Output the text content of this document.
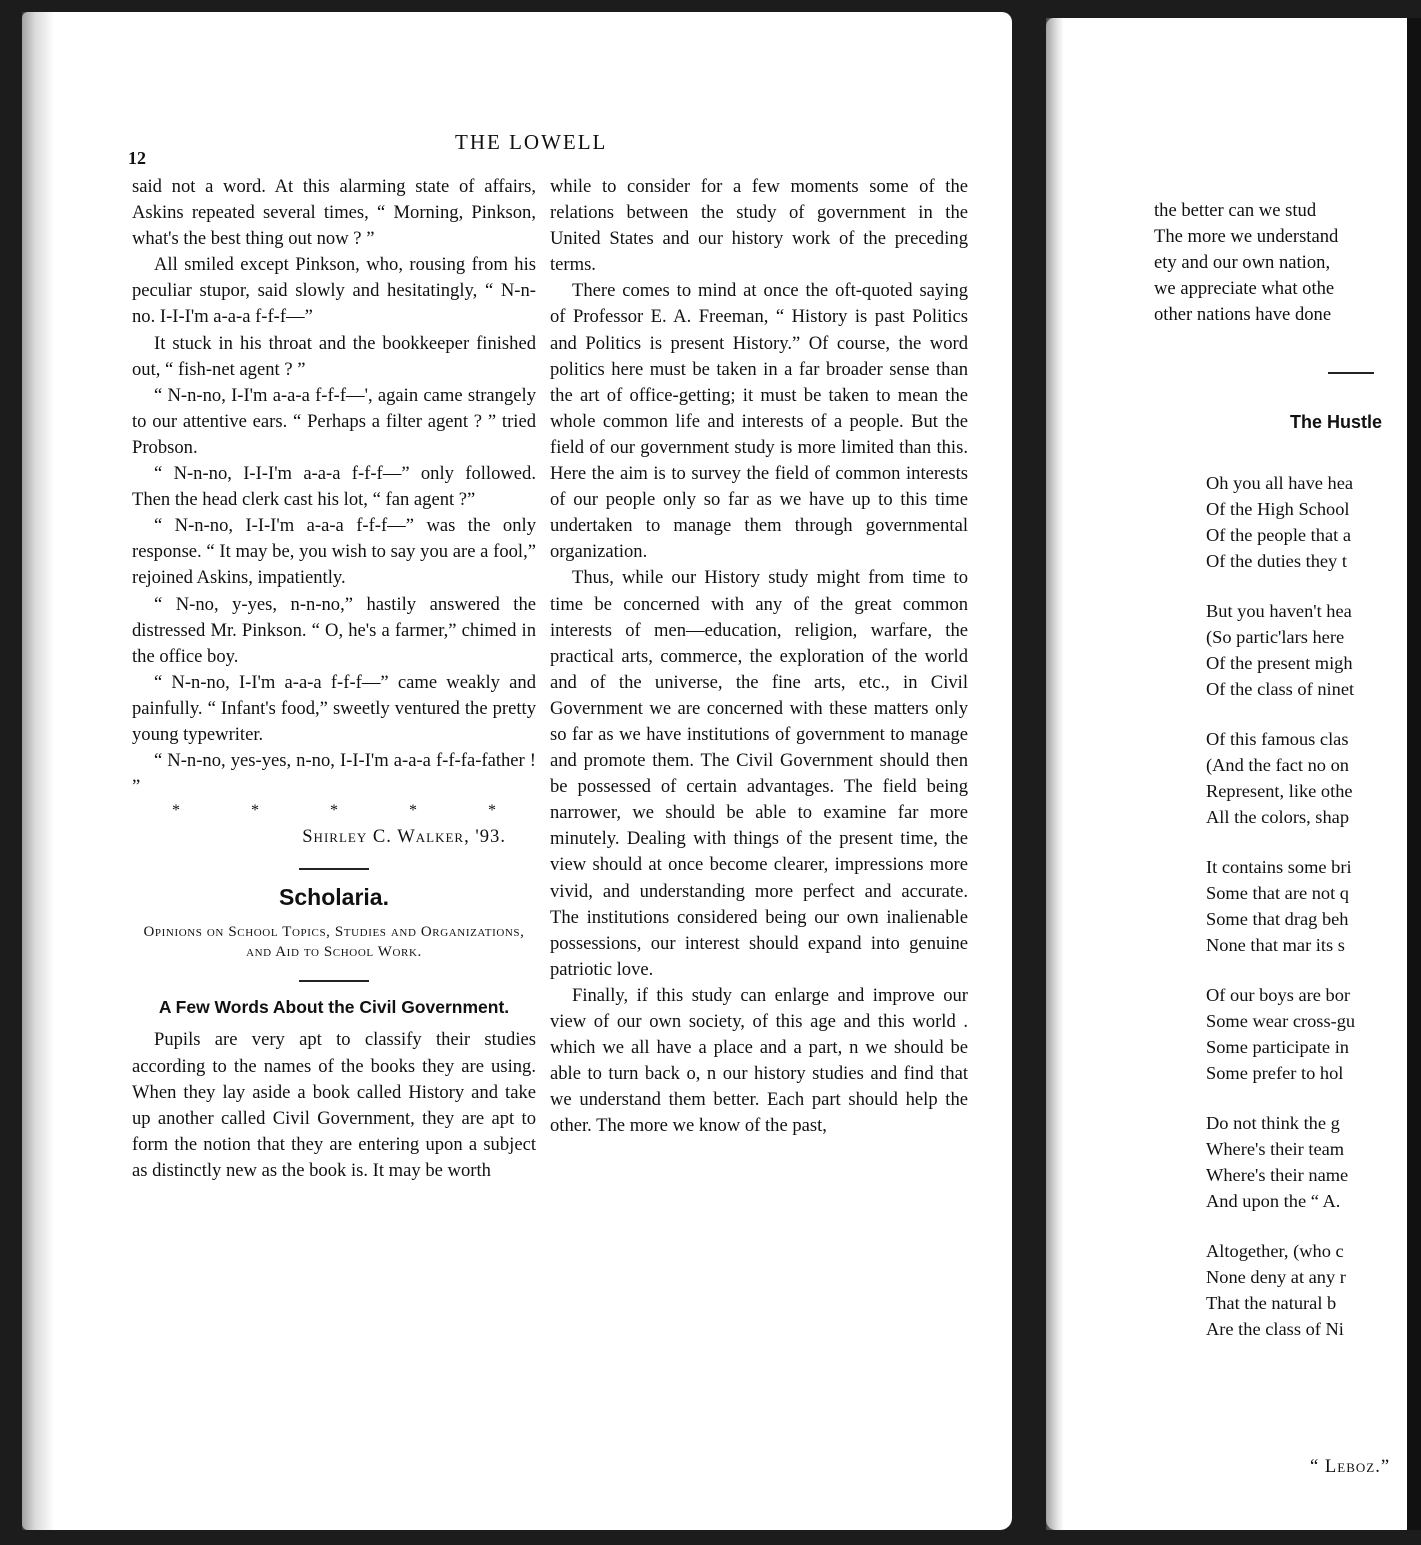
the better can we stud
The more we understand
ety and our own nation,
we appreciate what othe
other nations have done
g
The Hustle
Oh you all have hea
Of the High School
Of the people that a
Of the duties they t
But you haven't hea
(So partic'lars here
Of the present migh
Of the class of ninet
Of this famous clas
(And the fact no on
Represent, like othe
All the colors, shap
It contains some bri
Some that are not q
Some that drag beh
None that mar its s
Of our boys are bor
Some wear cross-gu
Some participate in
Some prefer to hol
Do not think the g
Where's their team
Where's their name
And upon the “ A.
Altogether, (who c
None deny at any r
That the natural b
Are the class of Ni
“ Leboz.”
12
THE LOWELL

said not a word. At this alarming state of affairs, Askins repeated several times, “ Morning, Pinkson, what's the best thing out now ? ”

All smiled except Pinkson, who, rousing from his peculiar stupor, said slowly and hesitatingly, “ N-n-no. I-I-I'm a-a-a f-f-f—”

It stuck in his throat and the bookkeeper finished out, “ fish-net agent ? ”

“ N-n-no, I-I'm a-a-a f-f-f—', again came strangely to our attentive ears. “ Perhaps a filter agent ? ” tried Probson.

“ N-n-no, I-I-I'm a-a-a f-f-f—” only followed. Then the head clerk cast his lot, “ fan agent ?”

“ N-n-no, I-I-I'm a-a-a f-f-f—” was the only response. “ It may be, you wish to say you are a fool,” rejoined Askins, impatiently.

“ N-no, y-yes, n-n-no,” hastily answered the distressed Mr. Pinkson. “ O, he's a farmer,” chimed in the office boy.

“ N-n-no, I-I'm a-a-a f-f-f—” came weakly and painfully. “ Infant's food,” sweetly ventured the pretty young typewriter.

“ N-n-no, yes-yes, n-no, I-I-I'm a-a-a f-f-fa-father ! ”

*	*	*	*	*
Shirley C. Walker, '93.
Scholaria.
Opinions on School Topics, Studies and Organizations, and Aid to School Work.
A Few Words About the Civil Government.

Pupils are very apt to classify their studies according to the names of the books they are using. When they lay aside a book called History and take up another called Civil Government, they are apt to form the notion that they are entering upon a subject as distinctly new as the book is. It may be worth

while to consider for a few moments some of the relations between the study of government in the United States and our history work of the preceding terms.

There comes to mind at once the oft-quoted saying of Professor E. A. Freeman, “ History is past Politics and Politics is present History.” Of course, the word politics here must be taken in a far broader sense than the art of office-getting; it must be taken to mean the whole common life and interests of a people. But the field of our government study is more limited than this. Here the aim is to survey the field of common interests of our people only so far as we have up to this time undertaken to manage them through governmental organization.

Thus, while our History study might from time to time be concerned with any of the great common interests of men—education, religion, warfare, the practical arts, commerce, the exploration of the world and of the universe, the fine arts, etc., in Civil Government we are concerned with these matters only so far as we have institutions of government to manage and promote them. The Civil Government should then be possessed of certain advantages. The field being narrower, we should be able to examine far more minutely. Dealing with things of the present time, the view should at once become clearer, impressions more vivid, and understanding more perfect and accurate. The institutions considered being our own inalienable possessions, our interest should expand into genuine patriotic love.

Finally, if this study can enlarge and improve our view of our own society, of this age and this world . which we all have a place and a part, n we should be able to turn back o, n our history studies and find that we understand them better. Each part should help the other. The more we know of the past,
